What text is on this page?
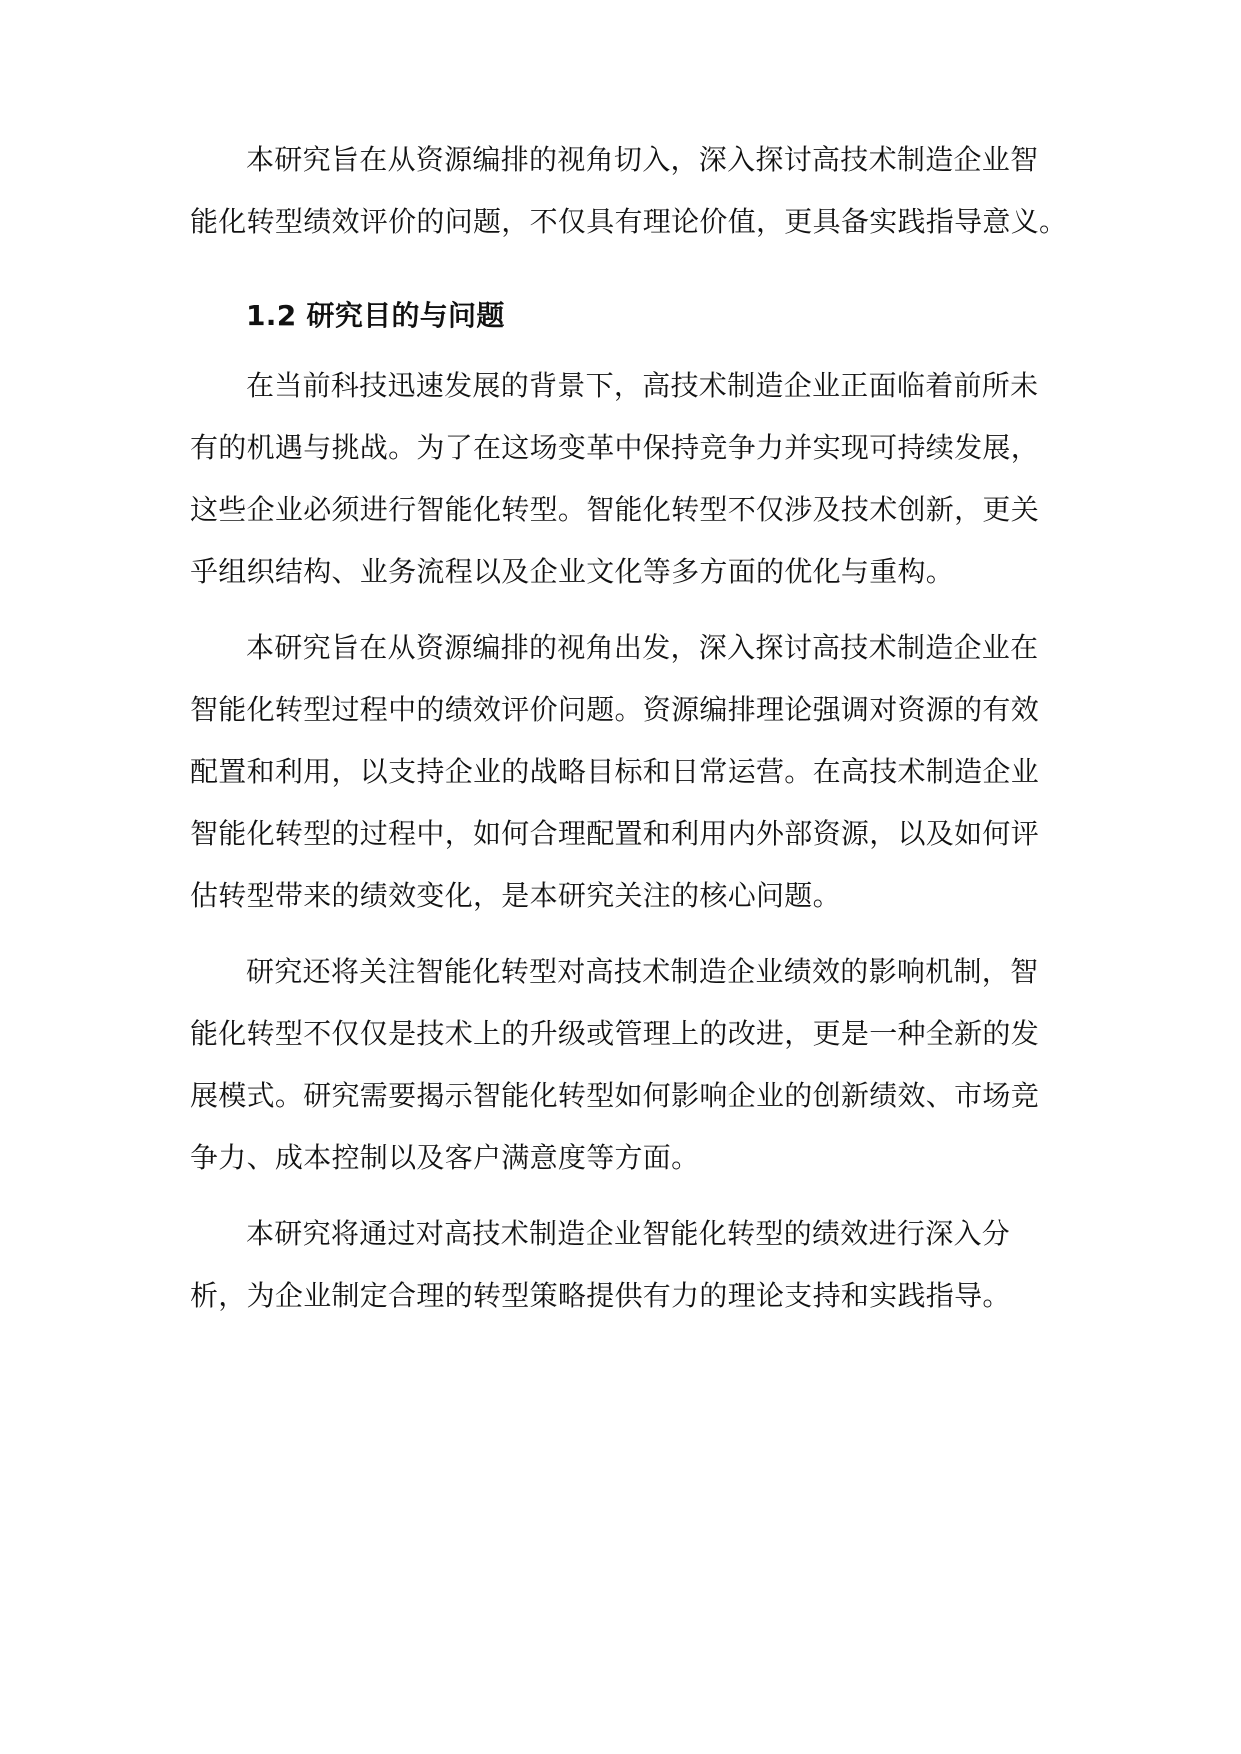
本研究旨在从资源编排的视角切入，深入探讨高技术制造企业智
能化转型绩效评价的问题，不仅具有理论价值，更具备实践指导意义。
1.2 研究目的与问题
在当前科技迅速发展的背景下，高技术制造企业正面临着前所未
有的机遇与挑战。为了在这场变革中保持竞争力并实现可持续发展，
这些企业必须进行智能化转型。智能化转型不仅涉及技术创新，更关
乎组织结构、业务流程以及企业文化等多方面的优化与重构。
本研究旨在从资源编排的视角出发，深入探讨高技术制造企业在
智能化转型过程中的绩效评价问题。资源编排理论强调对资源的有效
配置和利用，以支持企业的战略目标和日常运营。在高技术制造企业
智能化转型的过程中，如何合理配置和利用内外部资源，以及如何评
估转型带来的绩效变化，是本研究关注的核心问题。
研究还将关注智能化转型对高技术制造企业绩效的影响机制，智
能化转型不仅仅是技术上的升级或管理上的改进，更是一种全新的发
展模式。研究需要揭示智能化转型如何影响企业的创新绩效、市场竞
争力、成本控制以及客户满意度等方面。
本研究将通过对高技术制造企业智能化转型的绩效进行深入分
析，为企业制定合理的转型策略提供有力的理论支持和实践指导。
